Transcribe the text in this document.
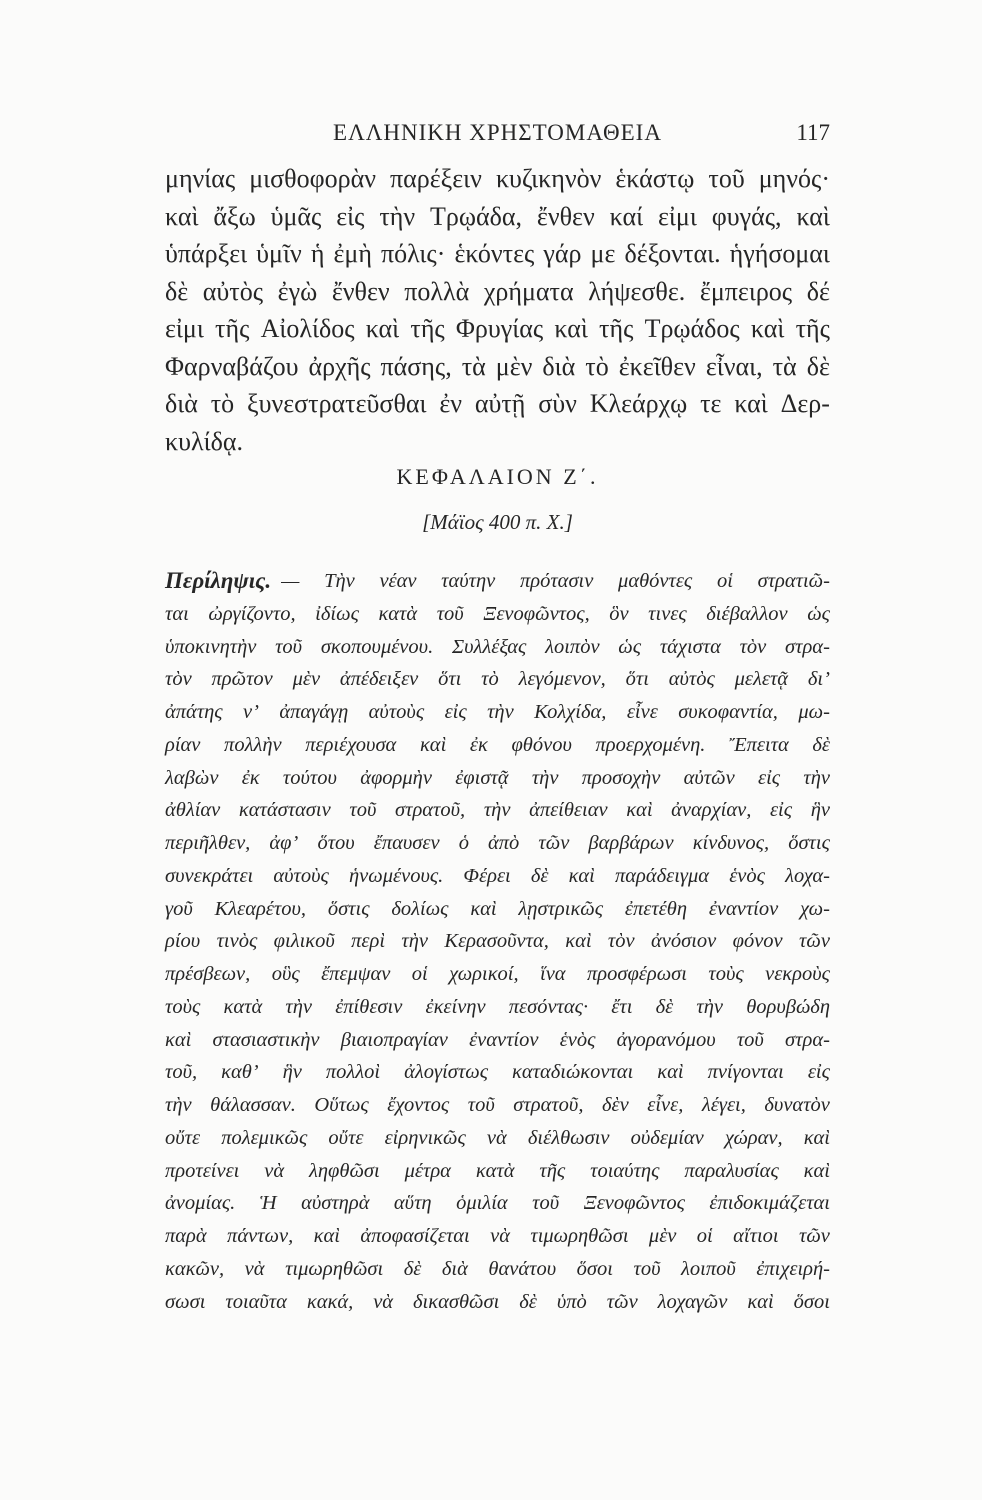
ΕΛΛΗΝΙΚΗ ΧΡΗΣΤΟΜΑΘΕΙΑ	117
μηνίας μισθοφορὰν παρέξειν κυζικηνὸν ἑκάστῳ τοῦ μηνός·
καὶ ἄξω ὑμᾶς εἰς τὴν Τρῳάδα, ἔνθεν καί εἰμι φυγάς, καὶ
ὑπάρξει ὑμῖν ἡ ἐμὴ πόλις· ἑκόντες γάρ με δέξονται. ἡγήσομαι
δὲ αὐτὸς ἐγὼ ἔνθεν πολλὰ χρήματα λήψεσθε. ἔμπειρος δέ
εἰμι τῆς Αἰολίδος καὶ τῆς Φρυγίας καὶ τῆς Τρῳάδος καὶ τῆς
Φαρναβάζου ἀρχῆς πάσης, τὰ μὲν διὰ τὸ ἐκεῖθεν εἶναι, τὰ δὲ
διὰ τὸ ξυνεστρατεῦσθαι ἐν αὐτῇ σὺν Κλεάρχῳ τε καὶ Δερ-
κυλίδᾳ.
ΚΕΦΑΛΑΙΟΝ Ζ΄.
[Μάϊος 400 π. Χ.]
Περίληψις. — Τὴν νέαν ταύτην πρότασιν μαθόντες οἱ στρατιῶ-
ται ὠργίζοντο, ἰδίως κατὰ τοῦ Ξενοφῶντος, ὃν τινες διέβαλλον ὡς
ὑποκινητὴν τοῦ σκοπουμένου. Συλλέξας λοιπὸν ὡς τάχιστα τὸν στρα-
τὸν πρῶτον μὲν ἀπέδειξεν ὅτι τὸ λεγόμενον, ὅτι αὐτὸς μελετᾷ δι’
ἀπάτης ν’ ἀπαγάγῃ αὐτοὺς εἰς τὴν Κολχίδα, εἶνε συκοφαντία, μω-
ρίαν πολλὴν περιέχουσα καὶ ἐκ φθόνου προερχομένη. Ἔπειτα δὲ
λαβὼν ἐκ τούτου ἀφορμὴν ἐφιστᾷ τὴν προσοχὴν αὐτῶν εἰς τὴν
ἀθλίαν κατάστασιν τοῦ στρατοῦ, τὴν ἀπείθειαν καὶ ἀναρχίαν, εἰς ἣν
περιῆλθεν, ἀφ’ ὅτου ἔπαυσεν ὁ ἀπὸ τῶν βαρβάρων κίνδυνος, ὅστις
συνεκράτει αὐτοὺς ἡνωμένους. Φέρει δὲ καὶ παράδειγμα ἑνὸς λοχα-
γοῦ Κλεαρέτου, ὅστις δολίως καὶ λῃστρικῶς ἐπετέθη ἐναντίον χω-
ρίου τινὸς φιλικοῦ περὶ τὴν Κερασοῦντα, καὶ τὸν ἀνόσιον φόνον τῶν
πρέσβεων, οὓς ἔπεμψαν οἱ χωρικοί, ἵνα προσφέρωσι τοὺς νεκροὺς
τοὺς κατὰ τὴν ἐπίθεσιν ἐκείνην πεσόντας· ἔτι δὲ τὴν θορυβώδη
καὶ στασιαστικὴν βιαιοπραγίαν ἐναντίον ἑνὸς ἀγορανόμου τοῦ στρα-
τοῦ, καθ’ ἣν πολλοὶ ἀλογίστως καταδιώκονται καὶ πνίγονται εἰς
τὴν θάλασσαν. Οὕτως ἔχοντος τοῦ στρατοῦ, δὲν εἶνε, λέγει, δυνατὸν
οὔτε πολεμικῶς οὔτε εἰρηνικῶς νὰ διέλθωσιν οὐδεμίαν χώραν, καὶ
προτείνει νὰ ληφθῶσι μέτρα κατὰ τῆς τοιαύτης παραλυσίας καὶ
ἀνομίας. Ἡ αὐστηρὰ αὕτη ὁμιλία τοῦ Ξενοφῶντος ἐπιδοκιμάζεται
παρὰ πάντων, καὶ ἀποφασίζεται νὰ τιμωρηθῶσι μὲν οἱ αἴτιοι τῶν
κακῶν, νὰ τιμωρηθῶσι δὲ διὰ θανάτου ὅσοι τοῦ λοιποῦ ἐπιχειρή-
σωσι τοιαῦτα κακά, νὰ δικασθῶσι δὲ ὑπὸ τῶν λοχαγῶν καὶ ὅσοι
